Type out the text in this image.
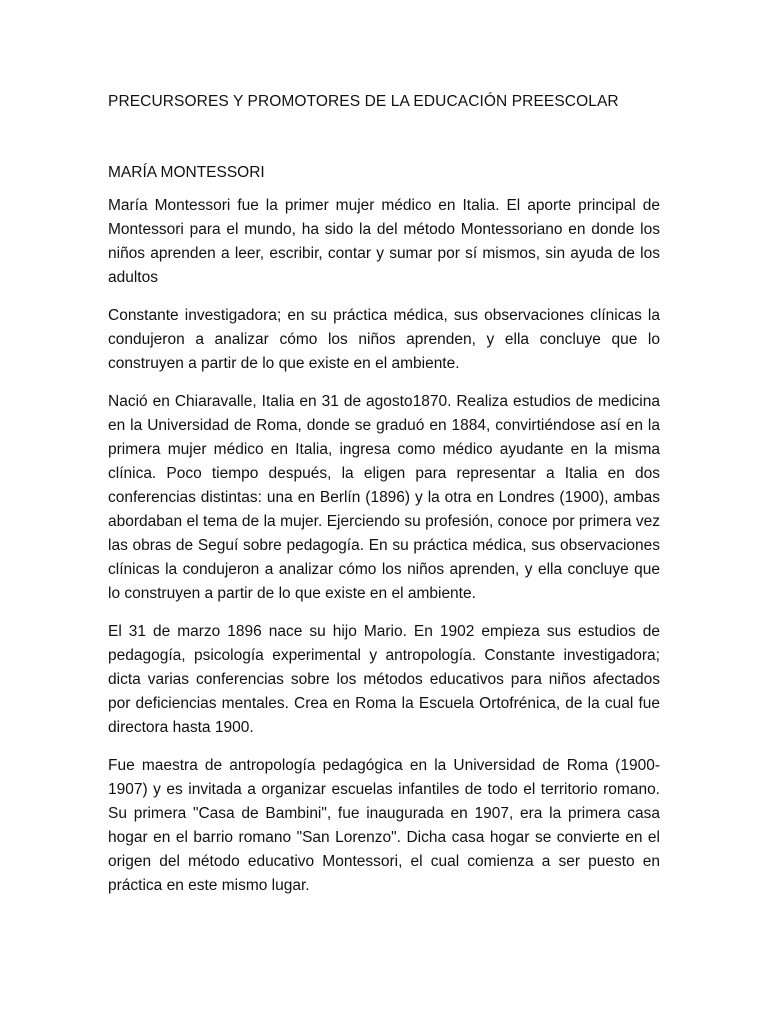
PRECURSORES Y PROMOTORES DE LA EDUCACIÓN PREESCOLAR
MARÍA MONTESSORI

María Montessori fue la primer mujer médico en Italia. El aporte principal de Montessori para el mundo, ha sido la del método Montessoriano en donde los niños aprenden a leer, escribir, contar y sumar por sí mismos, sin ayuda de los adultos

Constante investigadora; en su práctica médica, sus observaciones clínicas la condujeron a analizar cómo los niños aprenden, y ella concluye que lo construyen a partir de lo que existe en el ambiente.

Nació en Chiaravalle, Italia en 31 de agosto1870. Realiza estudios de medicina en la Universidad de Roma, donde se graduó en 1884, convirtiéndose así en la primera mujer médico en Italia, ingresa como médico ayudante en la misma clínica. Poco tiempo después, la eligen para representar a Italia en dos conferencias distintas: una en Berlín (1896) y la otra en Londres (1900), ambas abordaban el tema de la mujer. Ejerciendo su profesión, conoce por primera vez las obras de Seguí sobre pedagogía. En su práctica médica, sus observaciones clínicas la condujeron a analizar cómo los niños aprenden, y ella concluye que lo construyen a partir de lo que existe en el ambiente.

El 31 de marzo 1896 nace su hijo Mario. En 1902 empieza sus estudios de pedagogía, psicología experimental y antropología. Constante investigadora; dicta varias conferencias sobre los métodos educativos para niños afectados por deficiencias mentales. Crea en Roma la Escuela Ortofrénica, de la cual fue directora hasta 1900.

Fue maestra de antropología pedagógica en la Universidad de Roma (1900-1907) y es invitada a organizar escuelas infantiles de todo el territorio romano. Su primera "Casa de Bambini", fue inaugurada en 1907, era la primera casa hogar en el barrio romano "San Lorenzo". Dicha casa hogar se convierte en el origen del método educativo Montessori, el cual comienza a ser puesto en práctica en este mismo lugar.
